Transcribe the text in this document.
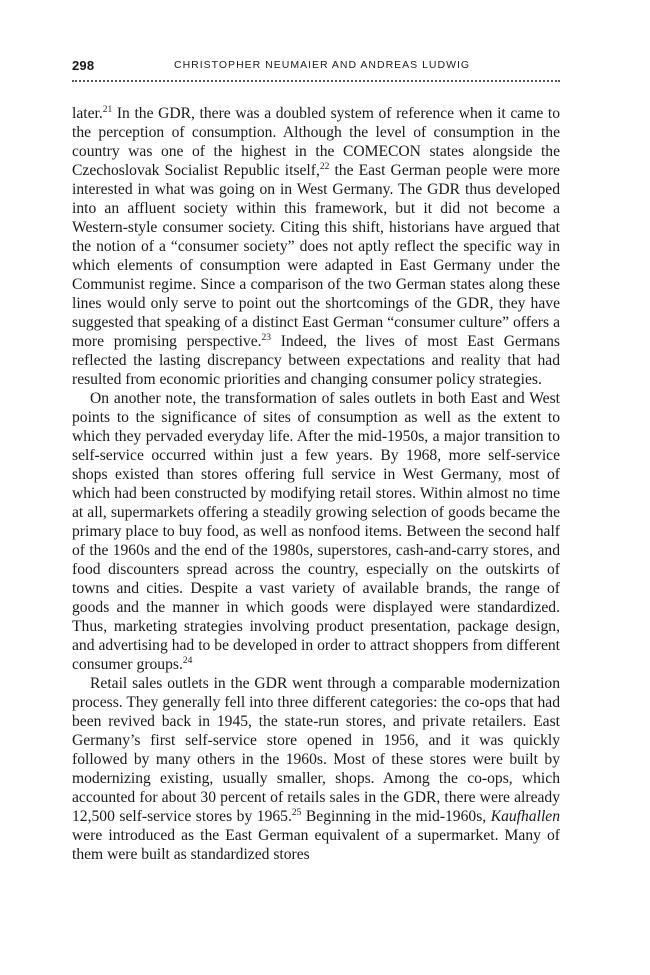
298	CHRISTOPHER NEUMAIER AND ANDREAS LUDWIG

later.$^{21}$ In the GDR, there was a doubled system of reference when it came to the perception of consumption. Although the level of consumption in the country was one of the highest in the COMECON states alongside the Czechoslovak Socialist Republic itself,$^{22}$ the East German people were more interested in what was going on in West Germany. The GDR thus developed into an affluent society within this framework, but it did not become a Western-style consumer society. Citing this shift, historians have argued that the notion of a “consumer society” does not aptly reflect the specific way in which elements of consumption were adapted in East Germany under the Communist regime. Since a comparison of the two German states along these lines would only serve to point out the shortcomings of the GDR, they have suggested that speaking of a distinct East German “consumer culture” offers a more promising perspective.$^{23}$ Indeed, the lives of most East Germans reflected the lasting discrepancy between expectations and reality that had resulted from economic priorities and changing consumer policy strategies.

On another note, the transformation of sales outlets in both East and West points to the significance of sites of consumption as well as the extent to which they pervaded everyday life. After the mid-1950s, a major transition to self-service occurred within just a few years. By 1968, more self-service shops existed than stores offering full service in West Germany, most of which had been constructed by modifying retail stores. Within almost no time at all, supermarkets offering a steadily growing selection of goods became the primary place to buy food, as well as nonfood items. Between the second half of the 1960s and the end of the 1980s, superstores, cash-and-carry stores, and food discounters spread across the country, especially on the outskirts of towns and cities. Despite a vast variety of available brands, the range of goods and the manner in which goods were displayed were standardized. Thus, marketing strategies involving product presentation, package design, and advertising had to be developed in order to attract shoppers from different consumer groups.$^{24}$

Retail sales outlets in the GDR went through a comparable modernization process. They generally fell into three different categories: the co-ops that had been revived back in 1945, the state-run stores, and private retailers. East Germany’s first self-service store opened in 1956, and it was quickly followed by many others in the 1960s. Most of these stores were built by modernizing existing, usually smaller, shops. Among the co-ops, which accounted for about 30 percent of retails sales in the GDR, there were already 12,500 self-service stores by 1965.25 Beginning in the mid-1960s, Kaufhallen were introduced as the East German equivalent of a supermarket. Many of them were built as standardized stores
